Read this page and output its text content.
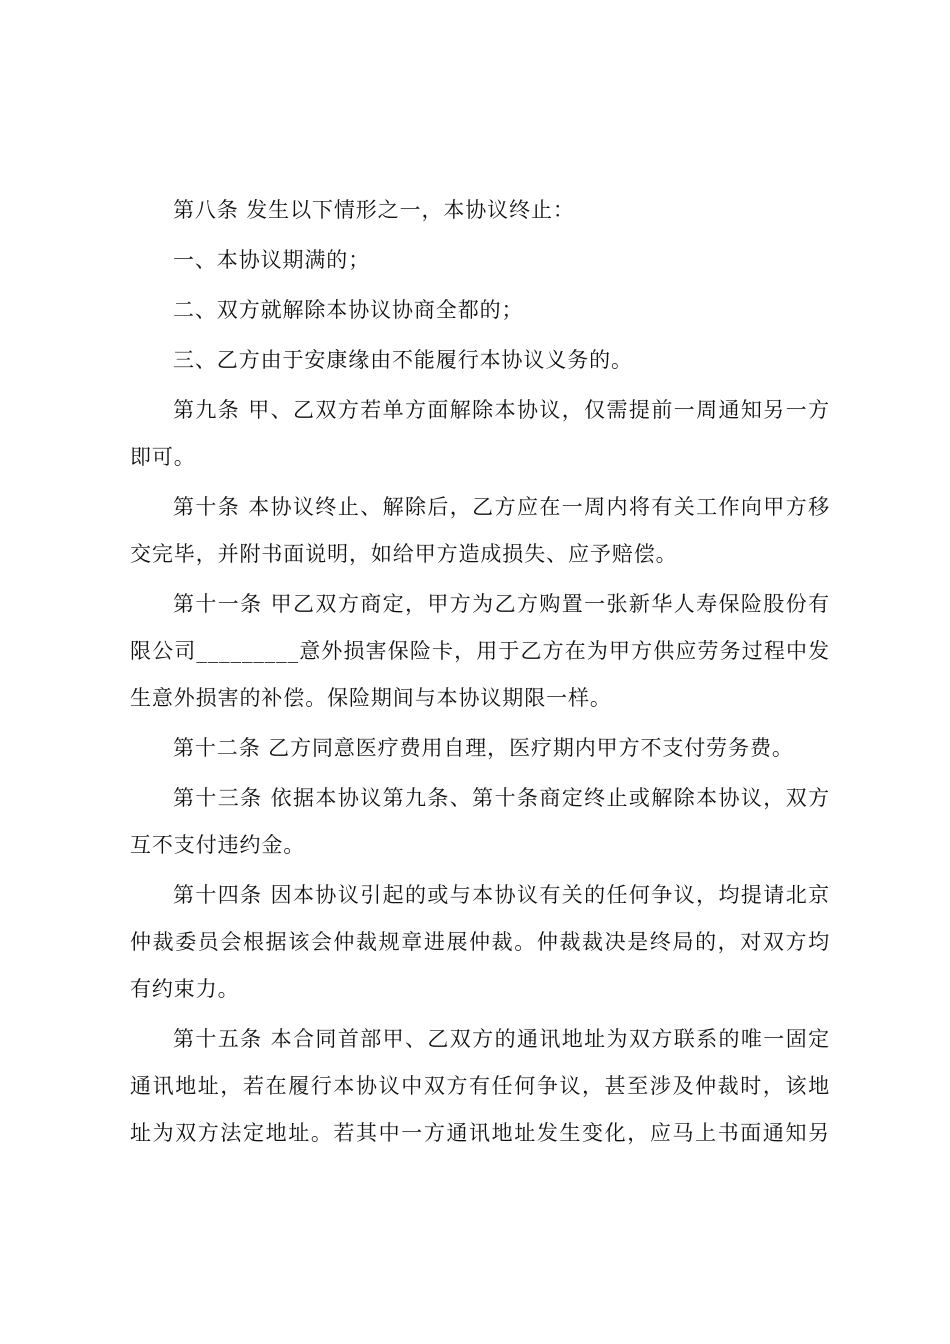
第八条 发生以下情形之一，本协议终止：
一、本协议期满的；
二、双方就解除本协议协商全都的；
三、乙方由于安康缘由不能履行本协议义务的。
第九条 甲、乙双方若单方面解除本协议，仅需提前一周通知另一方
即可。
第十条 本协议终止、解除后，乙方应在一周内将有关工作向甲方移
交完毕，并附书面说明，如给甲方造成损失、应予赔偿。
第十一条 甲乙双方商定，甲方为乙方购置一张新华人寿保险股份有
限公司_________意外损害保险卡，用于乙方在为甲方供应劳务过程中发
生意外损害的补偿。保险期间与本协议期限一样。
第十二条 乙方同意医疗费用自理，医疗期内甲方不支付劳务费。
第十三条 依据本协议第九条、第十条商定终止或解除本协议，双方
互不支付违约金。
第十四条 因本协议引起的或与本协议有关的任何争议，均提请北京
仲裁委员会根据该会仲裁规章进展仲裁。仲裁裁决是终局的，对双方均
有约束力。
第十五条 本合同首部甲、乙双方的通讯地址为双方联系的唯一固定
通讯地址，若在履行本协议中双方有任何争议，甚至涉及仲裁时，该地
址为双方法定地址。若其中一方通讯地址发生变化，应马上书面通知另
